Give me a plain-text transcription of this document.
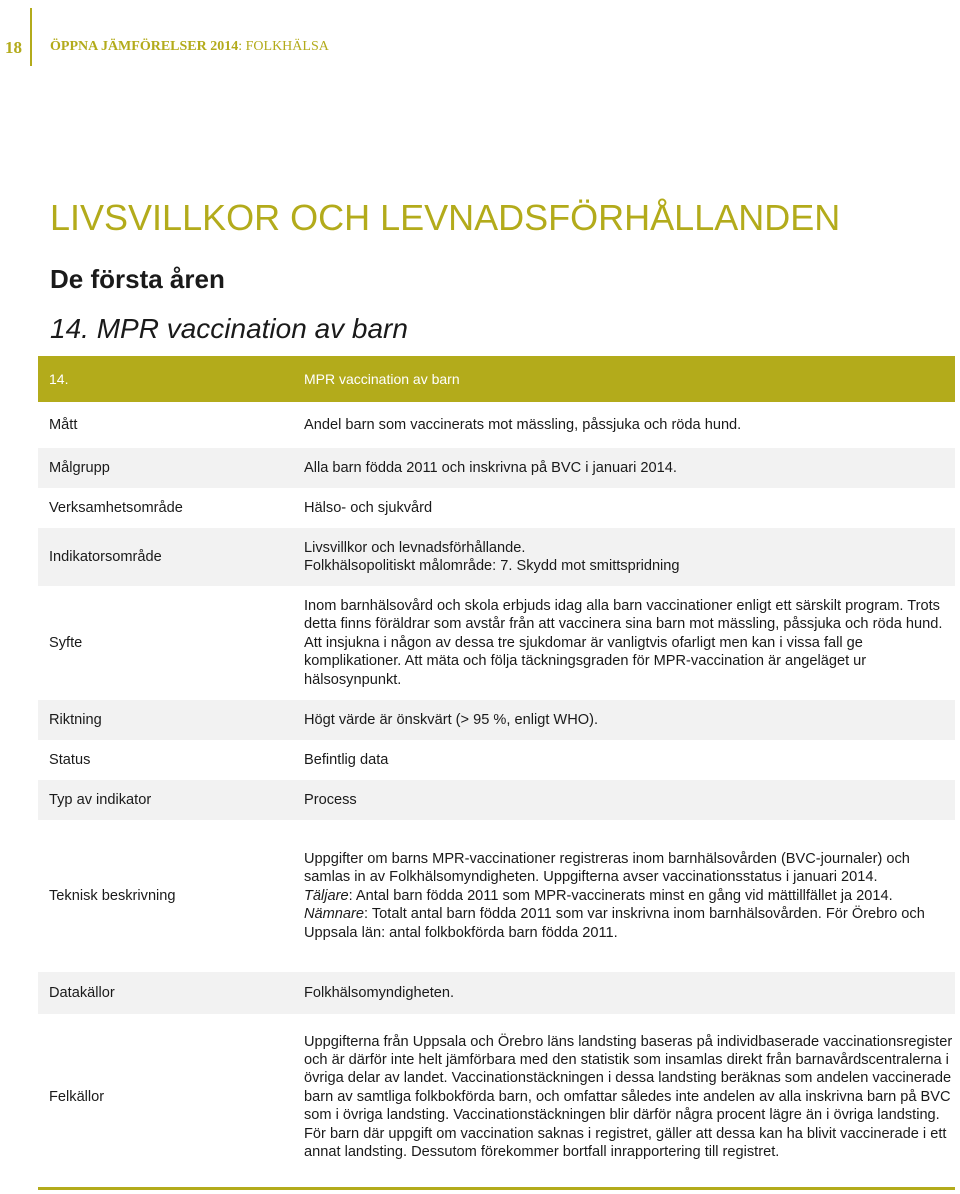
18 ÖPPNA JÄMFÖRELSER 2014: FOLKHÄLSA
LIVSVILLKOR OCH LEVNADSFÖRHÅLLANDEN
De första åren
14. MPR vaccination av barn
14.	MPR vaccination av barn
Mått	Andel barn som vaccinerats mot mässling, påssjuka och röda hund.
Målgrupp	Alla barn födda 2011 och inskrivna på BVC i januari 2014.
Verksamhetsområde	Hälso- och sjukvård
Indikatorsområde	Livsvillkor och levnadsförhållande.
Folkhälsopolitiskt målområde: 7. Skydd mot smittspridning

Syfte	Inom barnhälsovård och skola erbjuds idag alla barn vaccinationer enligt ett särskilt program. Trots detta finns föräldrar som avstår från att vaccinera sina barn mot mässling, påssjuka och röda hund. Att insjukna i någon av dessa tre sjukdomar är vanligtvis ofarligt men kan i vissa fall ge komplikationer. Att mäta och följa täckningsgraden för MPR-vaccination är angeläget ur hälsosynpunkt.
Riktning	Högt värde är önskvärt (> 95 %, enligt WHO).
Status	Befintlig data
Typ av indikator	Process
Teknisk beskrivning	Uppgifter om barns MPR-vaccinationer registreras inom barnhälsovården (BVC-journaler) och samlas in av Folkhälsomyndigheten. Uppgifterna avser vaccinationsstatus i januari 2014.
Täljare: Antal barn födda 2011 som MPR-vaccinerats minst en gång vid mättillfället ja 2014.
Nämnare: Totalt antal barn födda 2011 som var inskrivna inom barnhälsovården. För Örebro och Uppsala län: antal folkbokförda barn födda 2011.

Datakällor	Folkhälsomyndigheten.
Felkällor	Uppgifterna från Uppsala och Örebro läns landsting baseras på individbaserade vaccinationsregister och är därför inte helt jämförbara med den statistik som insamlas direkt från barnavårdscentralerna i övriga delar av landet. Vaccinationstäckningen i dessa landsting beräknas som andelen vaccinerade barn av samtliga folkbokförda barn, och omfattar således inte andelen av alla inskrivna barn på BVC som i övriga landsting. Vaccinationstäckningen blir därför några procent lägre än i övriga landsting. För barn där uppgift om vaccination saknas i registret, gäller att dessa kan ha blivit vaccinerade i ett annat landsting. Dessutom förekommer bortfall inrapportering till registret.
